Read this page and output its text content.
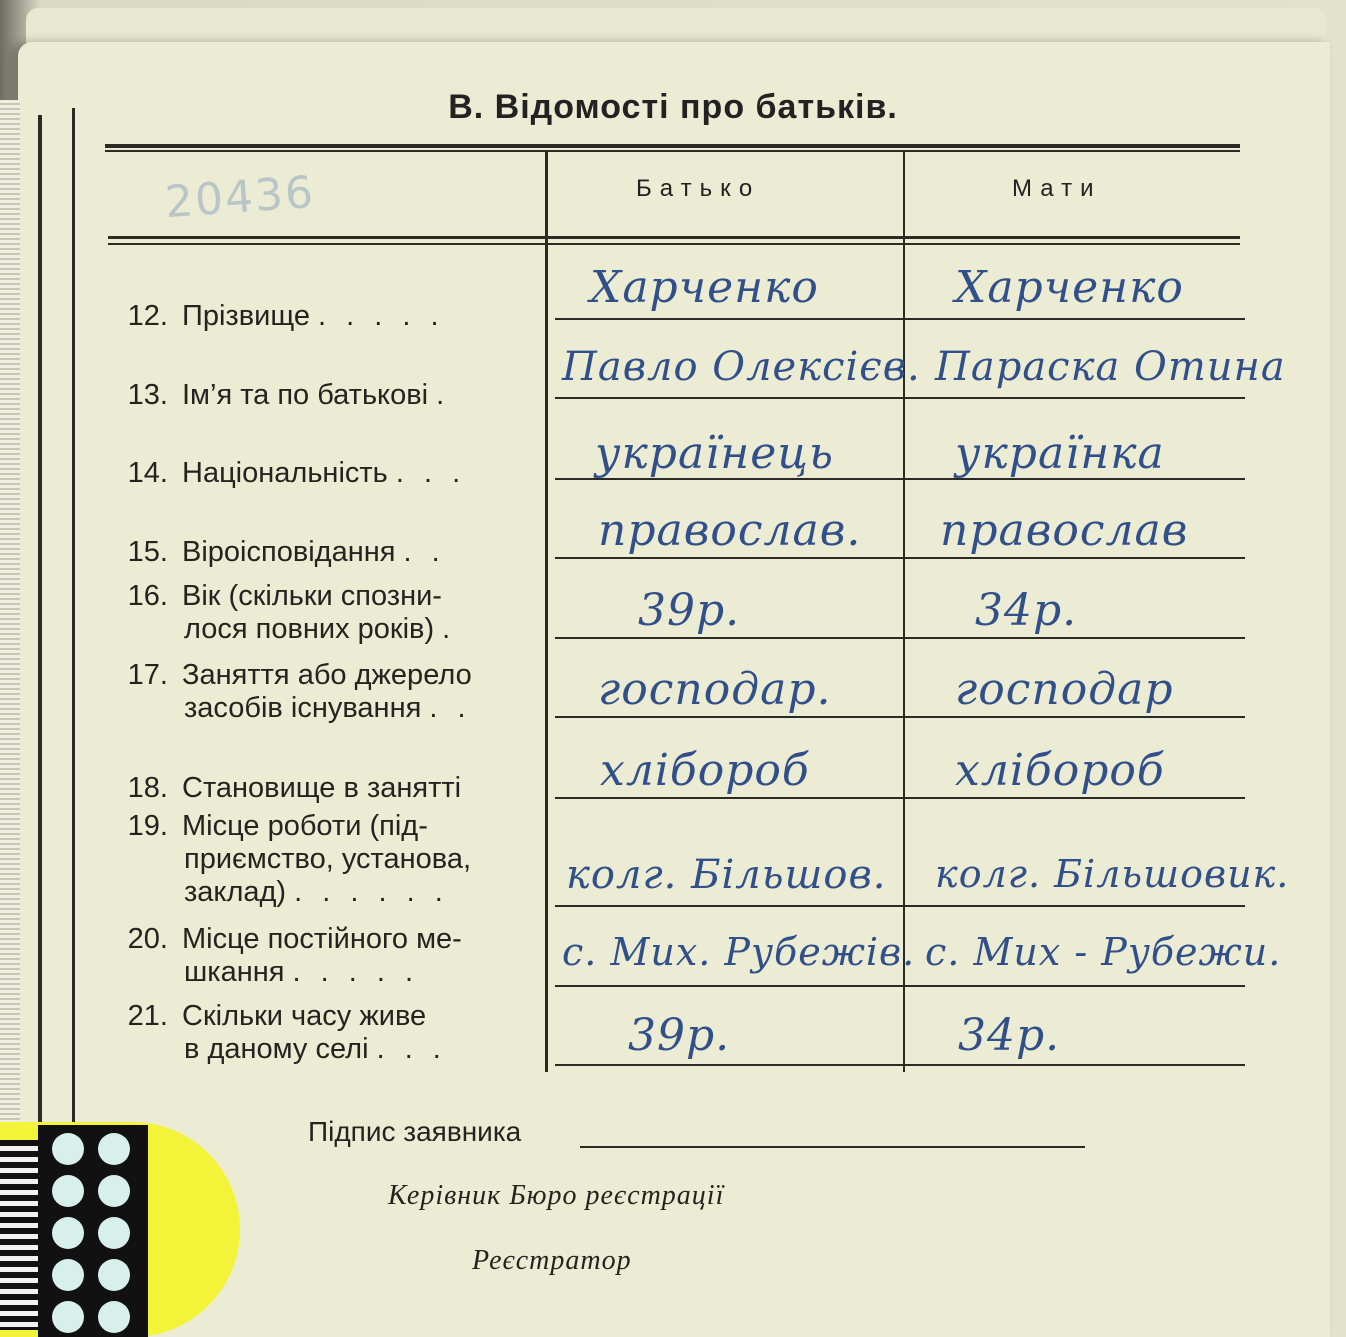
В. Відомості про батьків.
20436	Батько	Мати
12. Прізвище . . . . .
13. Ім’я та по батькові .
14. Національність . . .
15. Віроісповідання . .
16. Вік (скільки спозни-
лося повних років) .
17. Заняття або джерело
засобів існування . .
18. Становище в занятті
19. Місце роботи (під-
приємство, установа,
заклад) . . . . . .
20. Місце постійного ме-
шкання . . . . .
21. Скільки часу живе
в даному селі . . .
Харченко
Павло Олексієв.
українець
православ.
39р.
господар.
хлібороб
колг. Більшов.
с. Мих. Рубежів.
39р.
Харченко
Параска Отина
українка
православ
34р.
господар
хлібороб
колг. Більшовик.
с. Мих - Рубежи.
34р.
Підпис заявника
Керівник Бюро реєстрації
Реєстратор
